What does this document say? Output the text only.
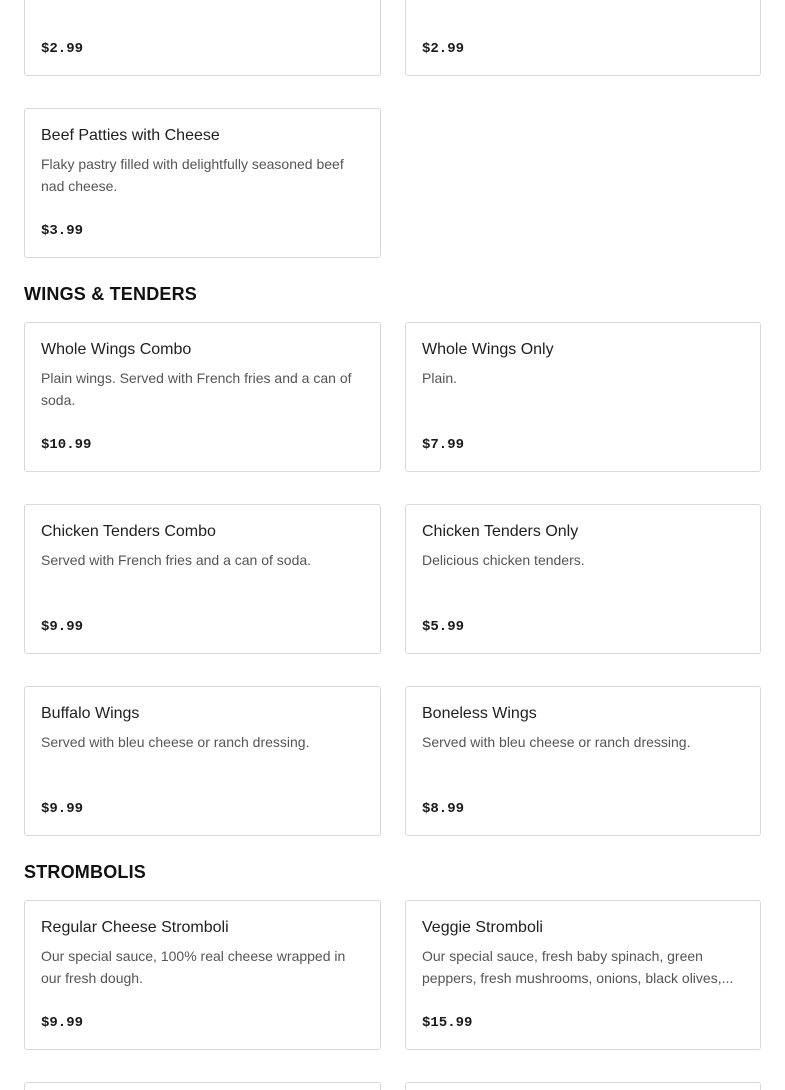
$2.99	$2.99
Beef Patties with Cheese
Flaky pastry filled with delightfully seasoned beef nad cheese.
$3.99
WINGS & TENDERS
Whole Wings Combo
Plain wings. Served with French fries and a can of soda.
$10.99
Whole Wings Only
Plain.
$7.99
Chicken Tenders Combo
Served with French fries and a can of soda.
$9.99
Chicken Tenders Only
Delicious chicken tenders.
$5.99
Buffalo Wings
Served with bleu cheese or ranch dressing.
$9.99
Boneless Wings
Served with bleu cheese or ranch dressing.
$8.99
STROMBOLIS
Regular Cheese Stromboli
Our special sauce, 100% real cheese wrapped in our fresh dough.
$9.99
Veggie Stromboli
Our special sauce, fresh baby spinach, green peppers, fresh mushrooms, onions, black olives,...
$15.99
